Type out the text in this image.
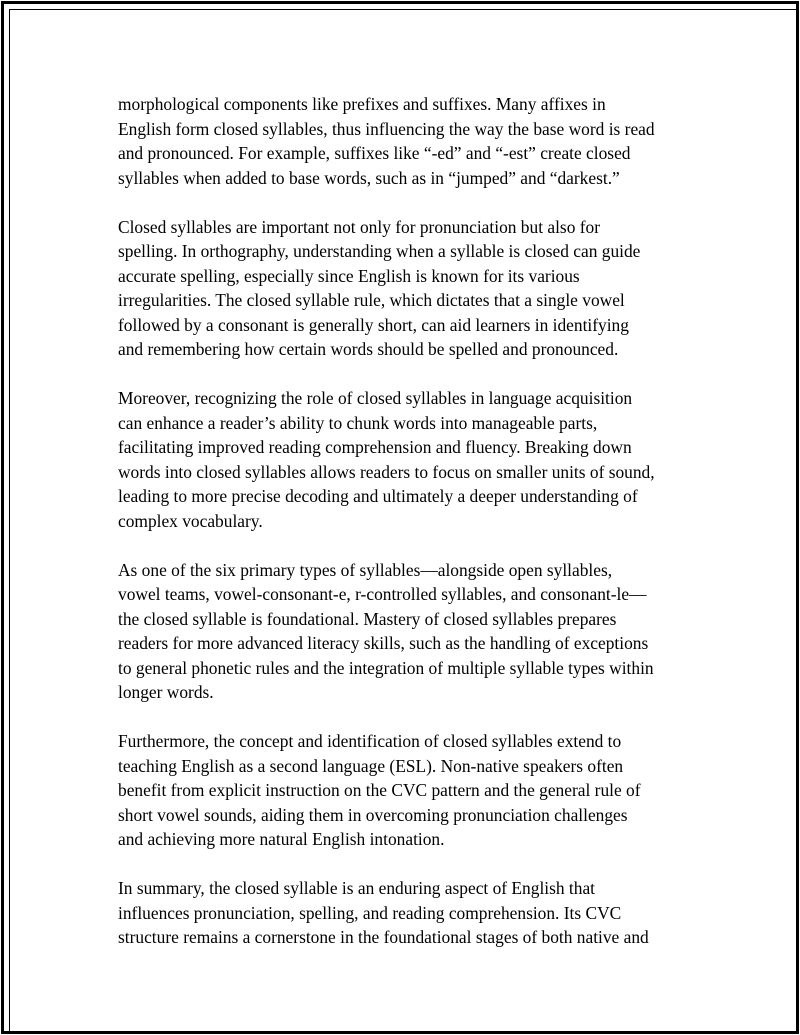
morphological components like prefixes and suffixes. Many affixes in
English form closed syllables, thus influencing the way the base word is read
and pronounced. For example, suffixes like “-ed” and “-est” create closed
syllables when added to base words, such as in “jumped” and “darkest.”

Closed syllables are important not only for pronunciation but also for
spelling. In orthography, understanding when a syllable is closed can guide
accurate spelling, especially since English is known for its various
irregularities. The closed syllable rule, which dictates that a single vowel
followed by a consonant is generally short, can aid learners in identifying
and remembering how certain words should be spelled and pronounced.

Moreover, recognizing the role of closed syllables in language acquisition
can enhance a reader’s ability to chunk words into manageable parts,
facilitating improved reading comprehension and fluency. Breaking down
words into closed syllables allows readers to focus on smaller units of sound,
leading to more precise decoding and ultimately a deeper understanding of
complex vocabulary.

As one of the six primary types of syllables—alongside open syllables,
vowel teams, vowel-consonant-e, r-controlled syllables, and consonant-le—
the closed syllable is foundational. Mastery of closed syllables prepares
readers for more advanced literacy skills, such as the handling of exceptions
to general phonetic rules and the integration of multiple syllable types within
longer words.

Furthermore, the concept and identification of closed syllables extend to
teaching English as a second language (ESL). Non-native speakers often
benefit from explicit instruction on the CVC pattern and the general rule of
short vowel sounds, aiding them in overcoming pronunciation challenges
and achieving more natural English intonation.

In summary, the closed syllable is an enduring aspect of English that
influences pronunciation, spelling, and reading comprehension. Its CVC
structure remains a cornerstone in the foundational stages of both native and
